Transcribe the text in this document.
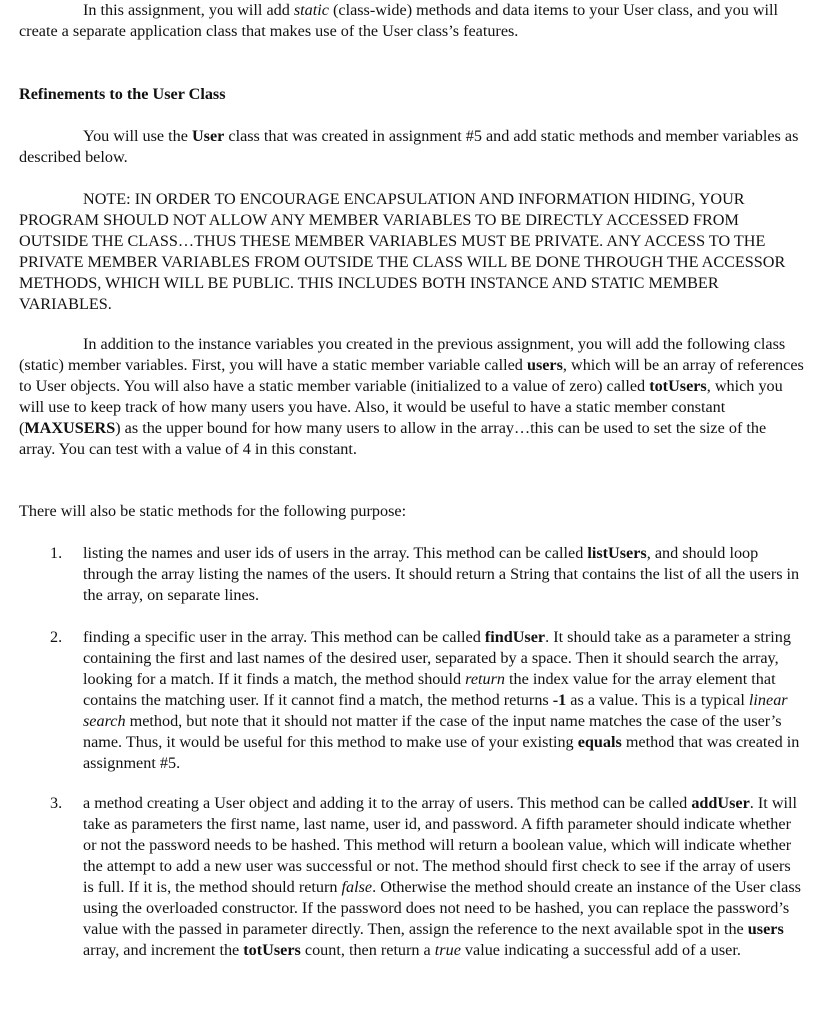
In this assignment, you will add static (class-wide) methods and data items to your User class, and you will create a separate application class that makes use of the User class’s features.

Refinements to the User Class

You will use the User class that was created in assignment #5 and add static methods and member variables as described below.

NOTE: IN ORDER TO ENCOURAGE ENCAPSULATION AND INFORMATION HIDING, YOUR PROGRAM SHOULD NOT ALLOW ANY MEMBER VARIABLES TO BE DIRECTLY ACCESSED FROM OUTSIDE THE CLASS…THUS THESE MEMBER VARIABLES MUST BE PRIVATE. ANY ACCESS TO THE PRIVATE MEMBER VARIABLES FROM OUTSIDE THE CLASS WILL BE DONE THROUGH THE ACCESSOR METHODS, WHICH WILL BE PUBLIC. THIS INCLUDES BOTH INSTANCE AND STATIC MEMBER VARIABLES.

In addition to the instance variables you created in the previous assignment, you will add the following class (static) member variables. First, you will have a static member variable called users, which will be an array of references to User objects. You will also have a static member variable (initialized to a value of zero) called totUsers, which you will use to keep track of how many users you have. Also, it would be useful to have a static member constant (MAXUSERS) as the upper bound for how many users to allow in the array…this can be used to set the size of the array. You can test with a value of 4 in this constant.

There will also be static methods for the following purpose:

1.	listing the names and user ids of users in the array. This method can be called listUsers, and should loop through the array listing the names of the users. It should return a String that contains the list of all the users in the array, on separate lines.

2.	finding a specific user in the array. This method can be called findUser. It should take as a parameter a string containing the first and last names of the desired user, separated by a space. Then it should search the array, looking for a match. If it finds a match, the method should return the index value for the array element that contains the matching user. If it cannot find a match, the method returns -1 as a value. This is a typical linear search method, but note that it should not matter if the case of the input name matches the case of the user’s name. Thus, it would be useful for this method to make use of your existing equals method that was created in assignment #5.

3.	a method creating a User object and adding it to the array of users. This method can be called addUser. It will take as parameters the first name, last name, user id, and password. A fifth parameter should indicate whether or not the password needs to be hashed. This method will return a boolean value, which will indicate whether the attempt to add a new user was successful or not. The method should first check to see if the array of users is full. If it is, the method should return false. Otherwise the method should create an instance of the User class using the overloaded constructor. If the password does not need to be hashed, you can replace the password’s value with the passed in parameter directly. Then, assign the reference to the next available spot in the users array, and increment the totUsers count, then return a true value indicating a successful add of a user.
